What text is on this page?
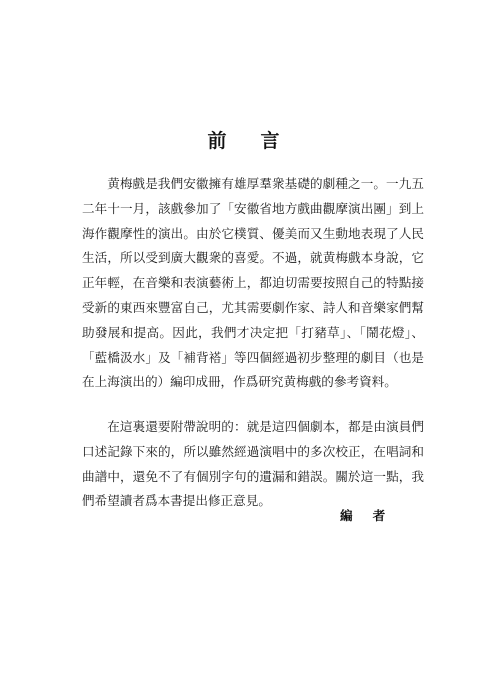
前言

黄梅戲是我們安徽擁有雄厚羣衆基礎的劇種之一。一九五二年十一月，該戲參加了「安徽省地方戲曲觀摩演出團」到上海作觀摩性的演出。由於它樸質、優美而又生動地表現了人民生活，所以受到廣大觀衆的喜愛。不過，就黄梅戲本身說，它正年輕，在音樂和表演藝術上，都迫切需要按照自己的特點接受新的東西來豐富自己，尤其需要劇作家、詩人和音樂家們幫助發展和提高。因此，我們才决定把「打豬草」、「鬧花燈」、「藍橋汲水」及「補背褡」等四個經過初步整理的劇目（也是在上海演出的）編印成冊，作爲研究黄梅戲的參考資料。

在這裏還要附帶說明的：就是這四個劇本，都是由演員們口述記錄下來的，所以雖然經過演唱中的多次校正，在唱詞和曲譜中，還免不了有個別字句的遺漏和錯誤。關於這一點，我們希望讀者爲本書提出修正意見。

編者
